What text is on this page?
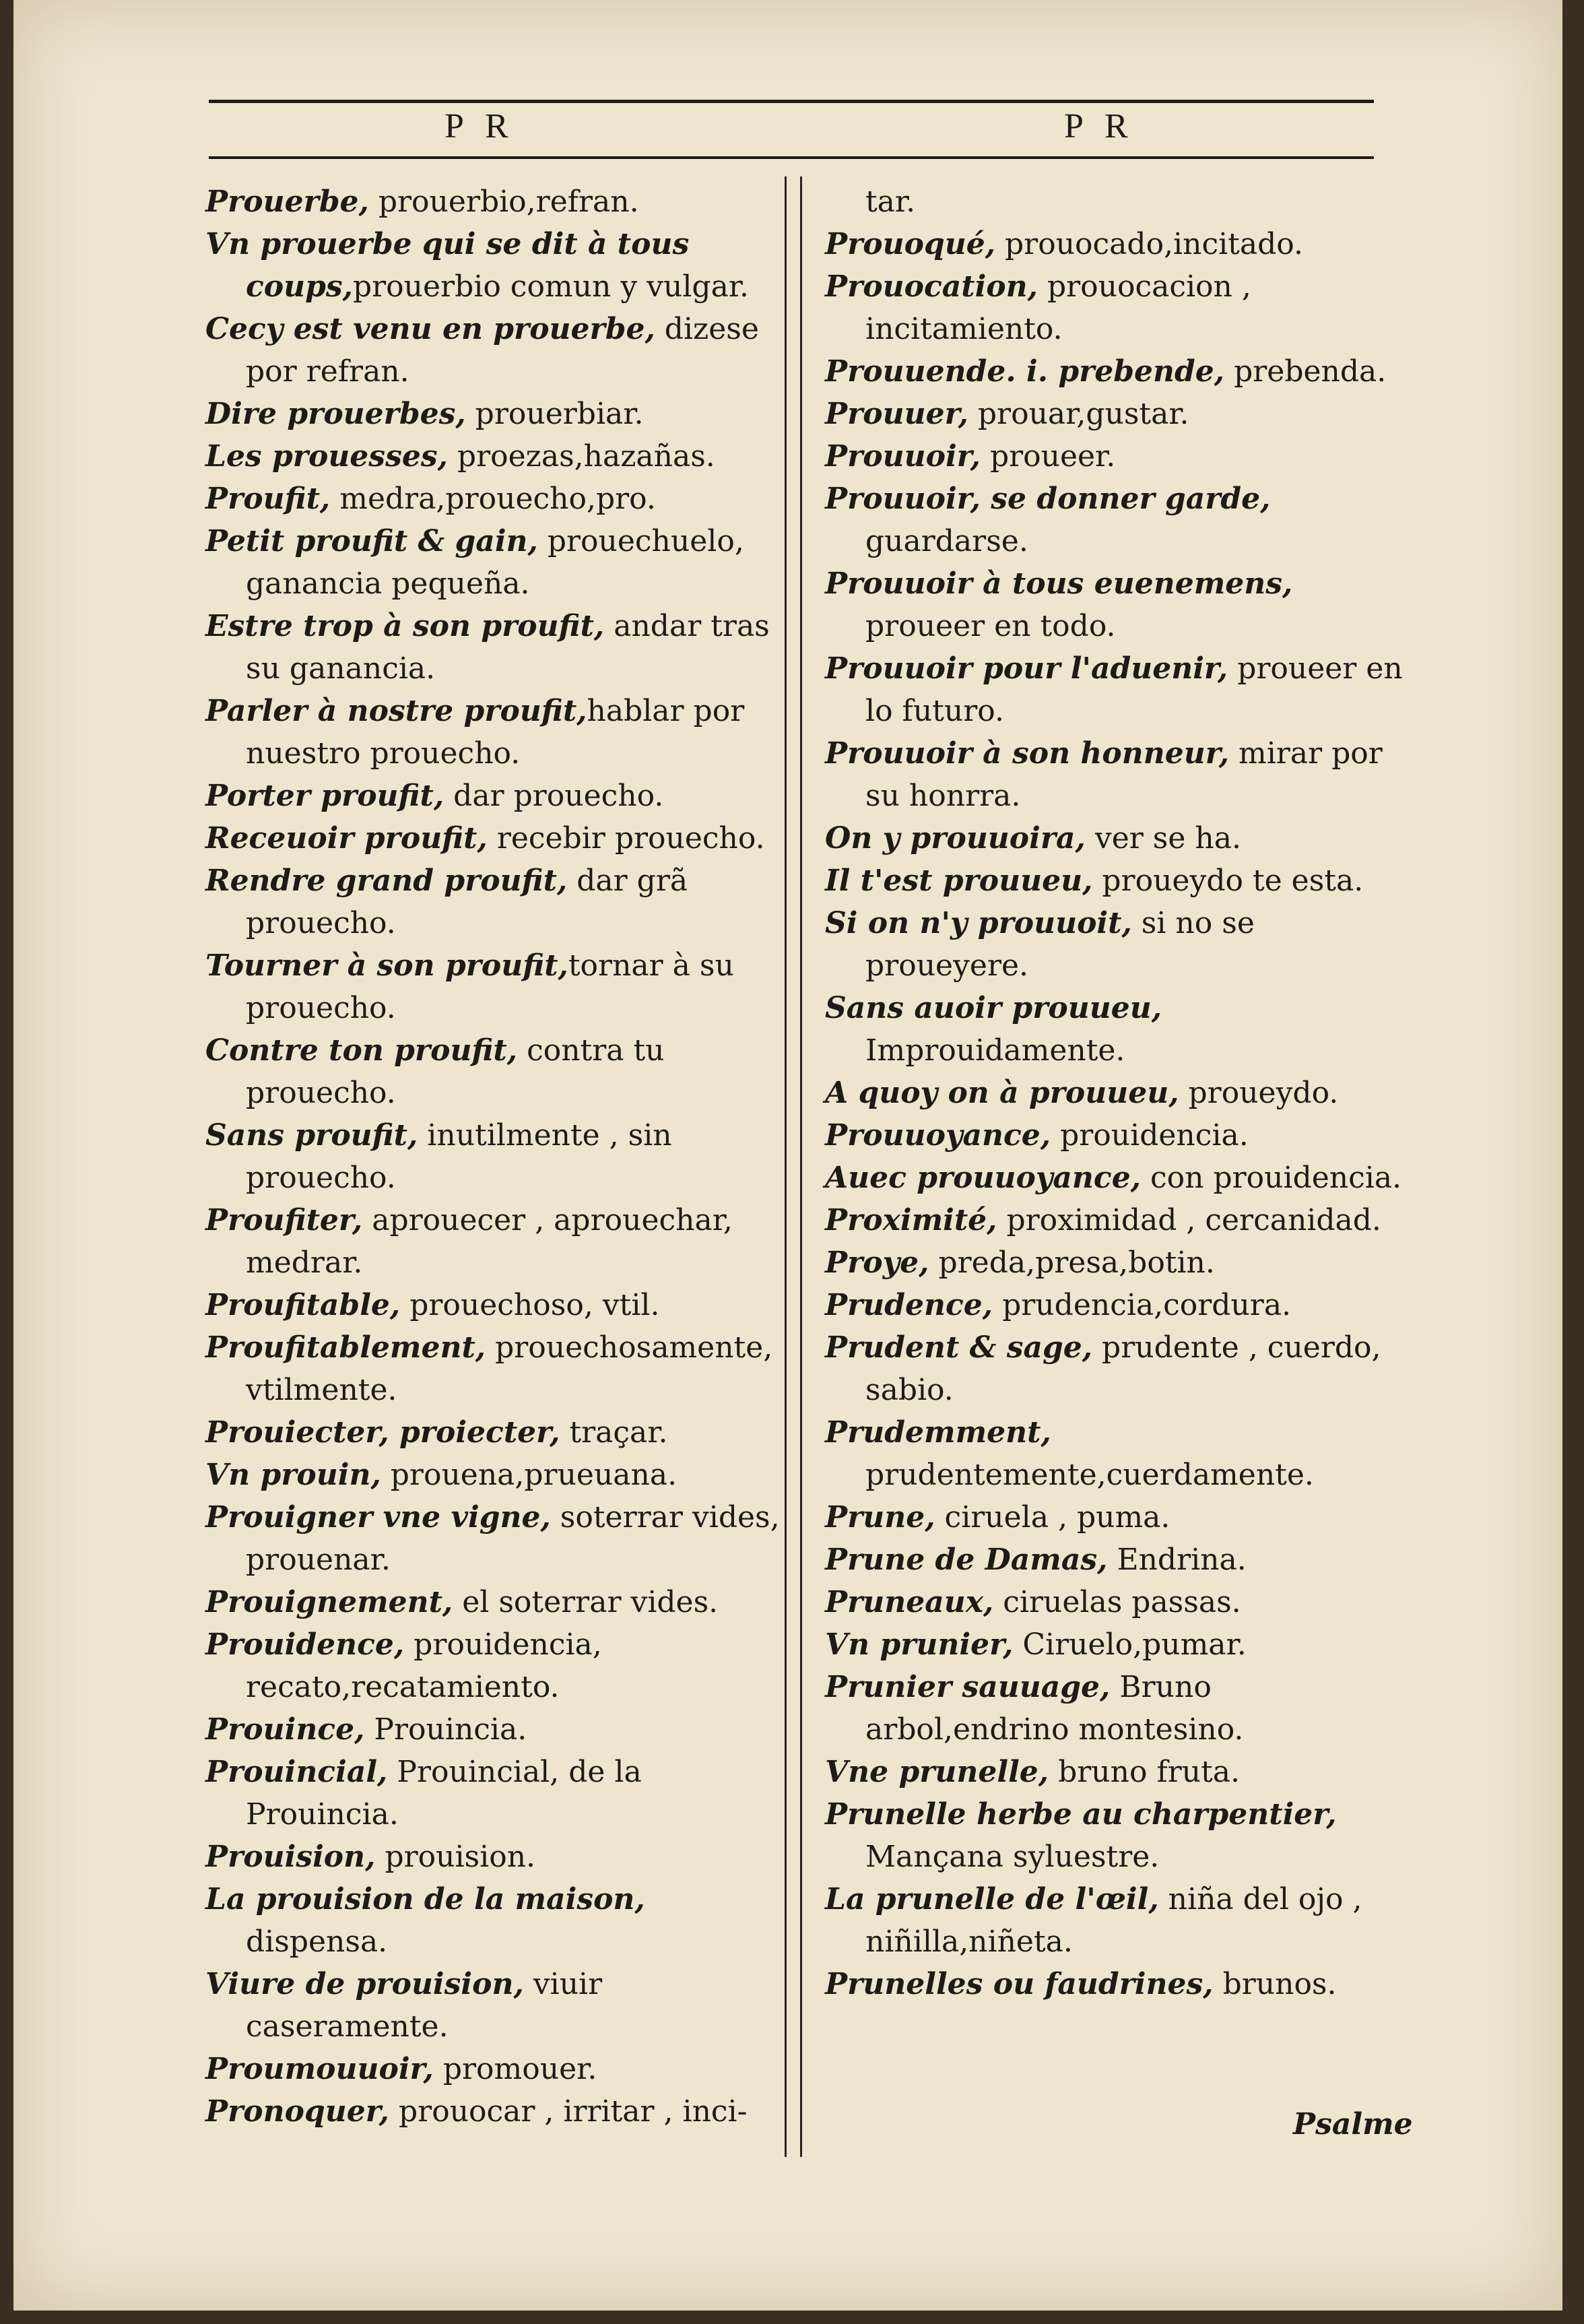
P R	P R
Prouerbe, prouerbio,refran.
Vn prouerbe qui se dit à tous coups,prouerbio comun y vulgar.
Cecy est venu en prouerbe, dizese por refran.
Dire prouerbes, prouerbiar.
Les prouesses, proezas,hazañas.
Proufit, medra,prouecho,pro.
Petit proufit & gain, prouechuelo, ganancia pequeña.
Estre trop à son proufit, andar tras su ganancia.
Parler à nostre proufit,hablar por nuestro prouecho.
Porter proufit, dar prouecho.
Receuoir proufit, recebir prouecho.
Rendre grand proufit, dar grã prouecho.
Tourner à son proufit,tornar à su prouecho.
Contre ton proufit, contra tu prouecho.
Sans proufit, inutilmente , sin prouecho.
Proufiter, aprouecer , aprouechar, medrar.
Proufitable, prouechoso, vtil.
Proufitablement, prouechosamente, vtilmente.
Prouiecter, proiecter, traçar.
Vn prouin, prouena,prueuana.
Prouigner vne vigne, soterrar vides, prouenar.
Prouignement, el soterrar vides.
Prouidence, prouidencia, recato,recatamiento.
Prouince, Prouincia.
Prouincial, Prouincial, de la Prouincia.
Prouision, prouision.
La prouision de la maison, dispensa.
Viure de prouision, viuir caseramente.
Proumouuoir, promouer.
Pronoquer, prouocar , irritar , inci-
tar.
Prouoqué, prouocado,incitado.
Prouocation, prouocacion , incitamiento.
Prouuende. i. prebende, prebenda.
Prouuer, prouar,gustar.
Prouuoir, proueer.
Prouuoir, se donner garde, guardarse.
Prouuoir à tous euenemens, proueer en todo.
Prouuoir pour l'aduenir, proueer en lo futuro.
Prouuoir à son honneur, mirar por su honrra.
On y prouuoira, ver se ha.
Il t'est prouueu, proueydo te esta.
Si on n'y prouuoit, si no se proueyere.
Sans auoir prouueu, Improuidamente.
A quoy on à prouueu, proueydo.
Prouuoyance, prouidencia.
Auec prouuoyance, con prouidencia.
Proximité, proximidad , cercanidad.
Proye, preda,presa,botin.
Prudence, prudencia,cordura.
Prudent & sage, prudente , cuerdo, sabio.
Prudemment, prudentemente,cuerdamente.
Prune, ciruela , puma.
Prune de Damas, Endrina.
Pruneaux, ciruelas passas.
Vn prunier, Ciruelo,pumar.
Prunier sauuage, Bruno arbol,endrino montesino.
Vne prunelle, bruno fruta.
Prunelle herbe au charpentier, Mançana syluestre.
La prunelle de l'œil, niña del ojo , niñilla,niñeta.
Prunelles ou faudrines, brunos.
Psalme
